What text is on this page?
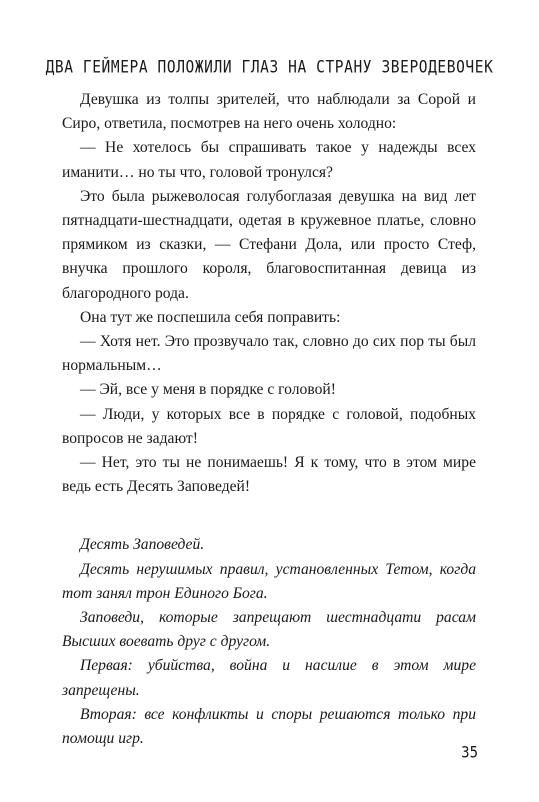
ДВА ГЕЙМЕРА ПОЛОЖИЛИ ГЛАЗ НА СТРАНУ ЗВЕРОДЕВОЧЕК

Девушка из толпы зрителей, что наблюдали за Сорой и Сиро, ответила, посмотрев на него очень холодно:

— Не хотелось бы спрашивать такое у надежды всех иманити… но ты что, головой тронулся?

Это была рыжеволосая голубоглазая девушка на вид лет пятнадцати-шестнадцати, одетая в кружевное платье, словно прямиком из сказки, — Стефани Дола, или просто Стеф, внучка прошлого короля, благовоспитанная девица из благородного рода.

Она тут же поспешила себя поправить:

— Хотя нет. Это прозвучало так, словно до сих пор ты был нормальным…

— Эй, все у меня в порядке с головой!

— Люди, у которых все в порядке с головой, подобных вопросов не задают!

— Нет, это ты не понимаешь! Я к тому, что в этом мире ведь есть Десять Заповедей!

Десять Заповедей.

Десять нерушимых правил, установленных Тетом, когда тот занял трон Единого Бога.

Заповеди, которые запрещают шестнадцати расам Высших воевать друг с другом.

Первая: убийства, война и насилие в этом мире запрещены.

Вторая: все конфликты и споры решаются только при помощи игр.

35
